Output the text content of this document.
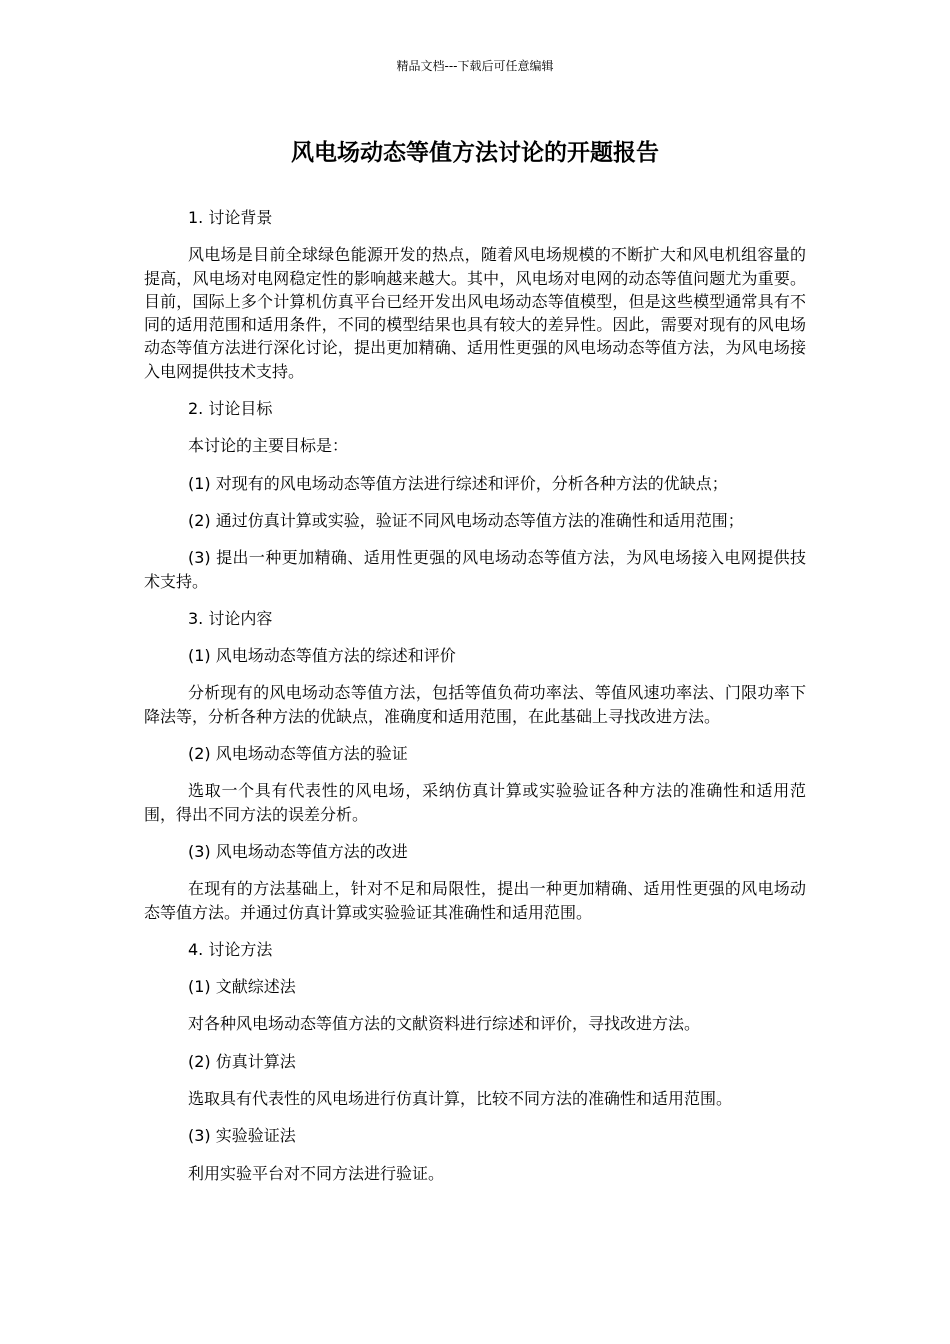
精品文档---下载后可任意编辑
风电场动态等值方法讨论的开题报告

1. 讨论背景

风电场是目前全球绿色能源开发的热点，随着风电场规模的不断扩大和风电机组容量的提高，风电场对电网稳定性的影响越来越大。其中，风电场对电网的动态等值问题尤为重要。目前，国际上多个计算机仿真平台已经开发出风电场动态等值模型，但是这些模型通常具有不同的适用范围和适用条件，不同的模型结果也具有较大的差异性。因此，需要对现有的风电场动态等值方法进行深化讨论，提出更加精确、适用性更强的风电场动态等值方法，为风电场接入电网提供技术支持。

2. 讨论目标

本讨论的主要目标是：

(1) 对现有的风电场动态等值方法进行综述和评价，分析各种方法的优缺点；

(2) 通过仿真计算或实验，验证不同风电场动态等值方法的准确性和适用范围；

(3) 提出一种更加精确、适用性更强的风电场动态等值方法，为风电场接入电网提供技术支持。

3. 讨论内容

(1) 风电场动态等值方法的综述和评价

分析现有的风电场动态等值方法，包括等值负荷功率法、等值风速功率法、门限功率下降法等，分析各种方法的优缺点，准确度和适用范围，在此基础上寻找改进方法。

(2) 风电场动态等值方法的验证

选取一个具有代表性的风电场，采纳仿真计算或实验验证各种方法的准确性和适用范围，得出不同方法的误差分析。

(3) 风电场动态等值方法的改进

在现有的方法基础上，针对不足和局限性，提出一种更加精确、适用性更强的风电场动态等值方法。并通过仿真计算或实验验证其准确性和适用范围。

4. 讨论方法

(1) 文献综述法

对各种风电场动态等值方法的文献资料进行综述和评价，寻找改进方法。

(2) 仿真计算法

选取具有代表性的风电场进行仿真计算，比较不同方法的准确性和适用范围。

(3) 实验验证法

利用实验平台对不同方法进行验证。
